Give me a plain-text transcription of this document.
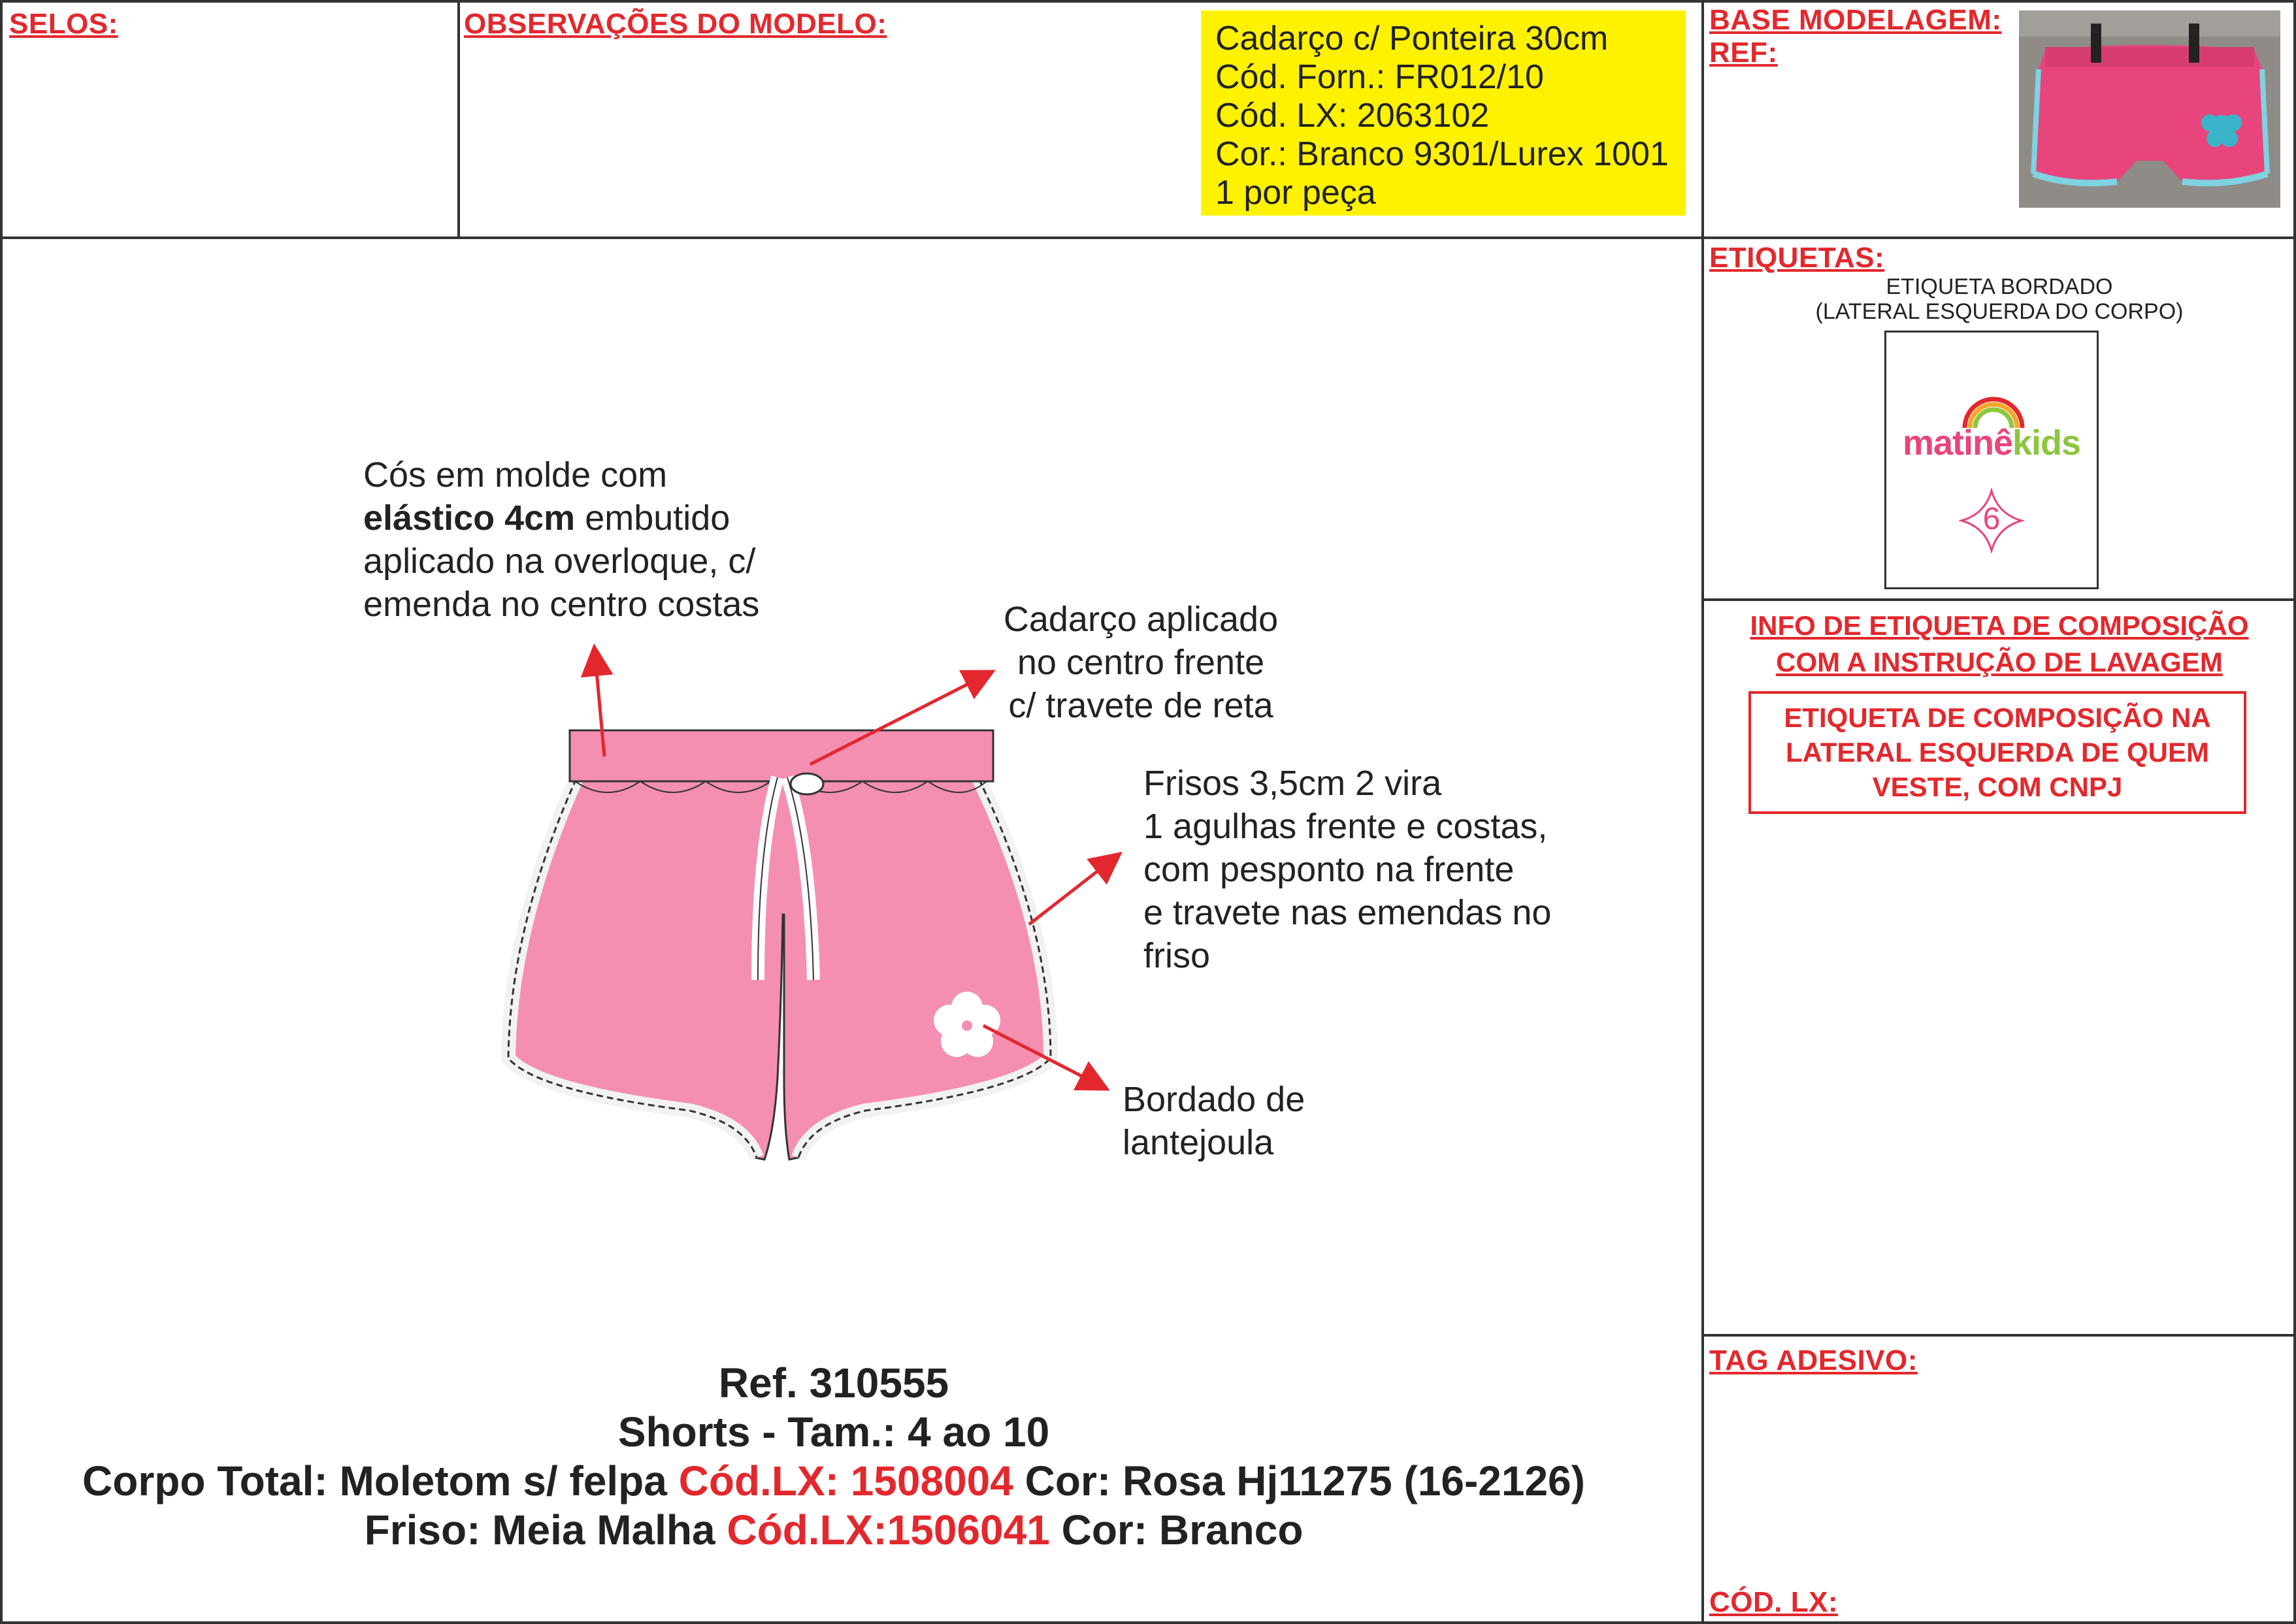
SELOS:	OBSERVAÇÕES DO MODELO:	BASE MODELAGEM:
REF:
Cadarço c/ Ponteira 30cm
Cód. Forn.: FR012/10
Cód. LX: 2063102
Cor.: Branco 9301/Lurex 1001
1 por peça
Cós em molde com
elástico 4cm embutido
aplicado na overloque, c/
emenda no centro costas	Cadarço aplicado
no centro frente
c/ travete de reta
Frisos 3,5cm 2 vira
1 agulhas frente e costas,
com pesponto na frente
e travete nas emendas no
friso
Bordado de
lantejoula
Ref. 310555
Shorts - Tam.: 4 ao 10
Corpo Total: Moletom s/ felpa Cód.LX: 1508004 Cor: Rosa Hj11275 (16-2126)
Friso: Meia Malha Cód.LX:1506041 Cor: Branco
ETIQUETAS:
ETIQUETA BORDADO
(LATERAL ESQUERDA DO CORPO)
matinêkids
6
INFO DE ETIQUETA DE COMPOSIÇÃO
COM A INSTRUÇÃO DE LAVAGEM
ETIQUETA DE COMPOSIÇÃO NA
LATERAL ESQUERDA DE QUEM
VESTE, COM CNPJ
TAG ADESIVO:
CÓD. LX:
